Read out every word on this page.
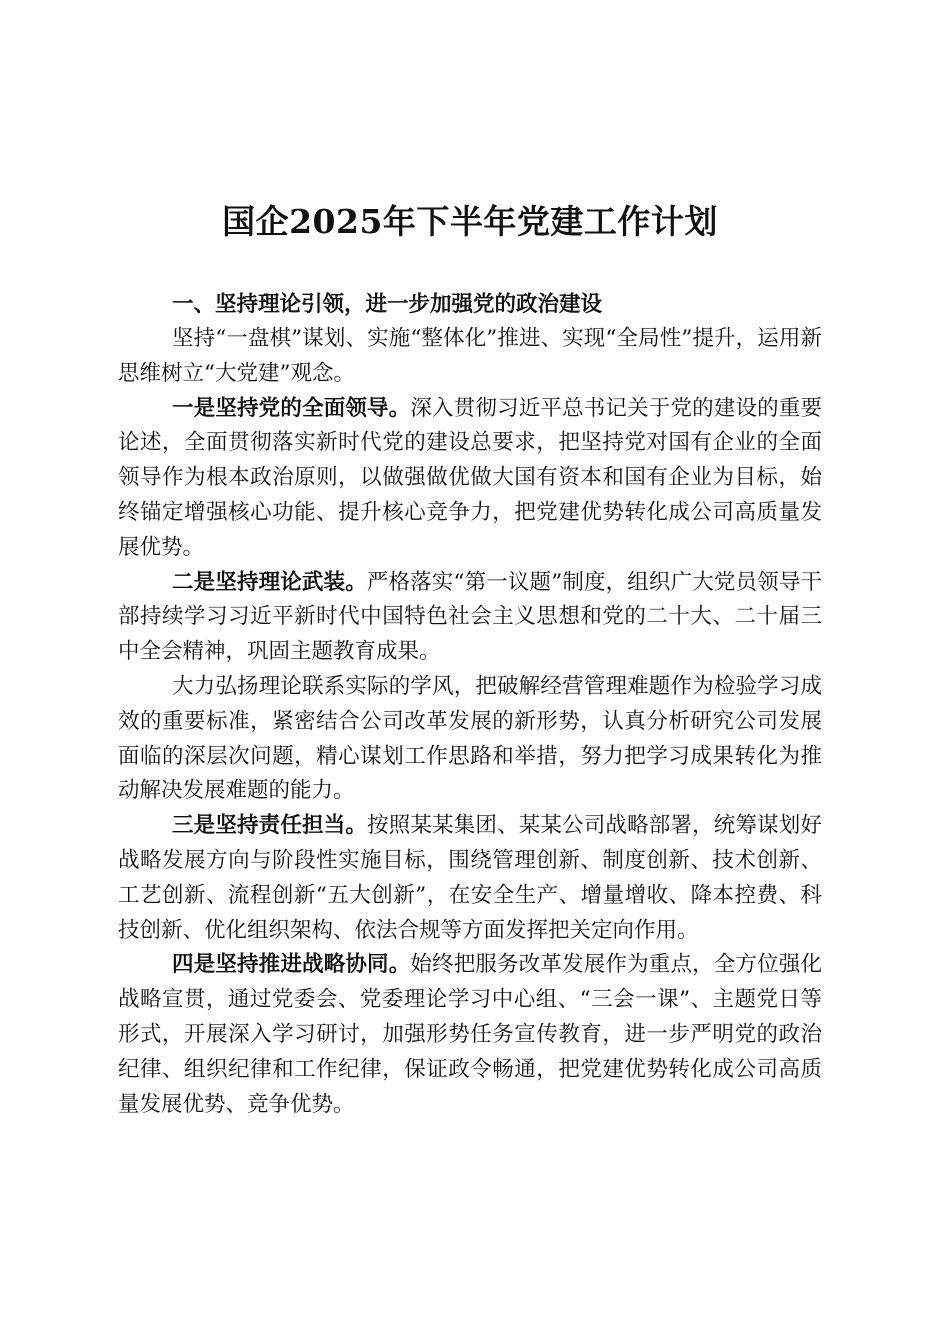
国企2025年下半年党建工作计划

一、坚持理论引领，进一步加强党的政治建设

坚持“一盘棋”谋划、实施“整体化”推进、实现“全局性”提升，运用新思维树立“大党建”观念。

一是坚持党的全面领导。深入贯彻习近平总书记关于党的建设的重要论述，全面贯彻落实新时代党的建设总要求，把坚持党对国有企业的全面领导作为根本政治原则，以做强做优做大国有资本和国有企业为目标，始终锚定增强核心功能、提升核心竞争力，把党建优势转化成公司高质量发展优势。

二是坚持理论武装。严格落实“第一议题”制度，组织广大党员领导干部持续学习习近平新时代中国特色社会主义思想和党的二十大、二十届三中全会精神，巩固主题教育成果。

大力弘扬理论联系实际的学风，把破解经营管理难题作为检验学习成效的重要标准，紧密结合公司改革发展的新形势，认真分析研究公司发展面临的深层次问题，精心谋划工作思路和举措，努力把学习成果转化为推动解决发展难题的能力。

三是坚持责任担当。按照某某集团、某某公司战略部署，统筹谋划好战略发展方向与阶段性实施目标，围绕管理创新、制度创新、技术创新、工艺创新、流程创新“五大创新”，在安全生产、增量增收、降本控费、科技创新、优化组织架构、依法合规等方面发挥把关定向作用。

四是坚持推进战略协同。始终把服务改革发展作为重点，全方位强化战略宣贯，通过党委会、党委理论学习中心组、“三会一课”、主题党日等形式，开展深入学习研讨，加强形势任务宣传教育，进一步严明党的政治纪律、组织纪律和工作纪律，保证政令畅通，把党建优势转化成公司高质量发展优势、竞争优势。
